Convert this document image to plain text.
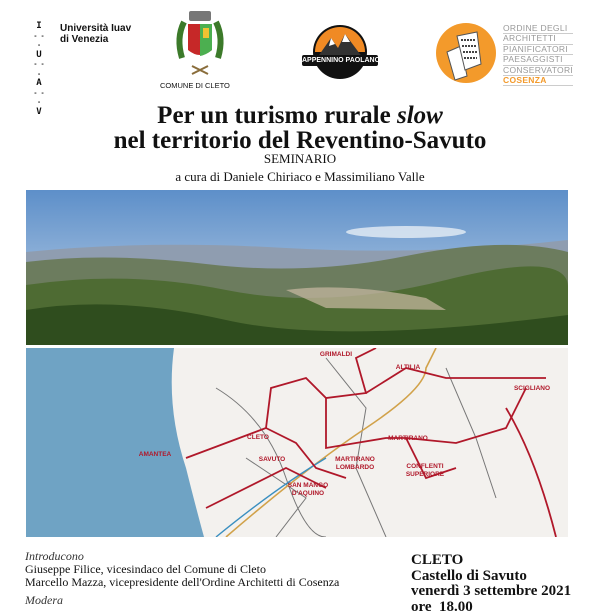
I
- - -
U
- - -
A
- - -
V
Università Iuav
di Venezia
COMUNE DI CLETO
APPENNINO PAOLANO
ORDINE DEGLI
ARCHITETTI
PIANIFICATORI
PAESAGGISTI
CONSERVATORI
COSENZA
Per un turismo rurale slow
nel territorio del Reventino-Savuto
SEMINARIO
a cura di Daniele Chiriaco e Massimiliano Valle
GRIMALDI
ALTILIA
SCIGLIANO
CLETO
AMANTEA
SAVUTO
MARTIRANO
MARTIRANO
LOMBARDO	CONFLENTI
SUPERIORE
SAN MANGO
D'AQUINO
Introducono
Giuseppe Filice, vicesindaco del Comune di Cleto
Marcello Mazza, vicepresidente dell'Ordine Architetti di Cosenza
Modera
CLETO
Castello di Savuto
venerdì 3 settembre 2021
ore  18.00
